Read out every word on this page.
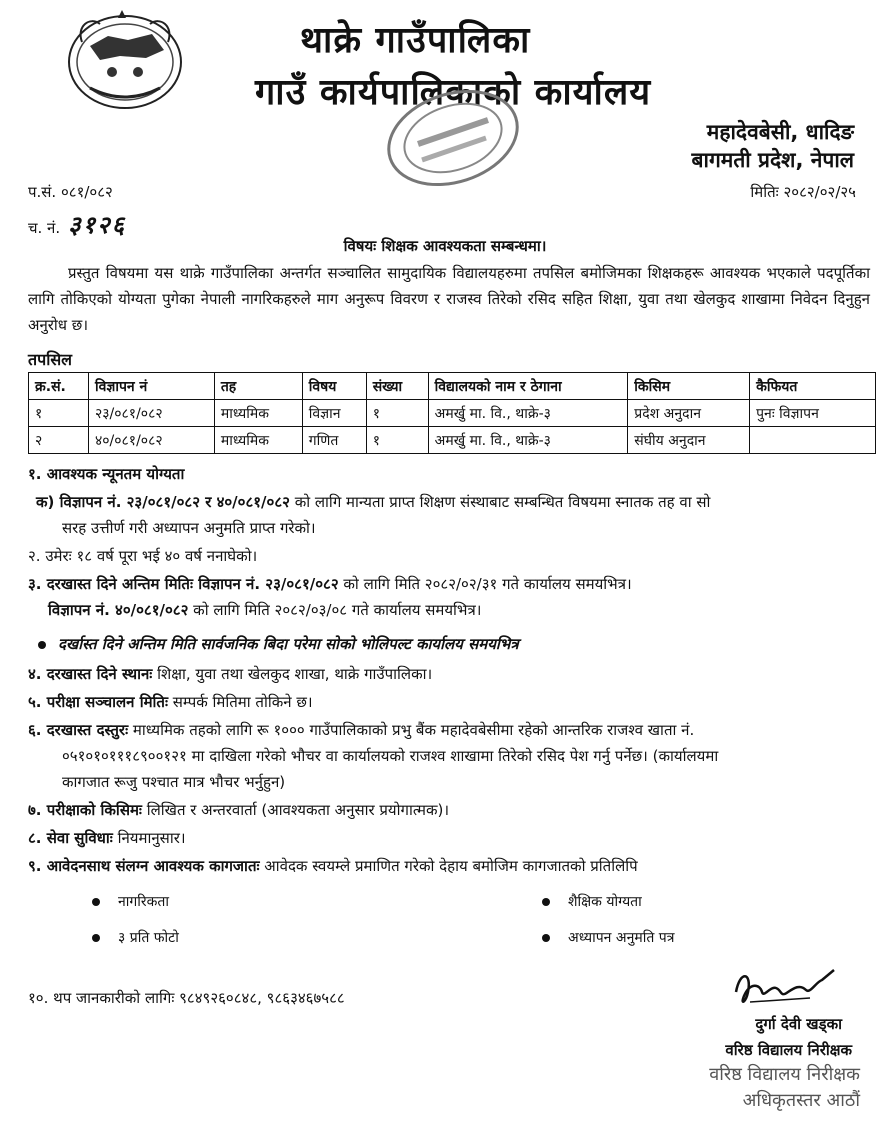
थाक्रे गाउँपालिका
गाउँ कार्यपालिकाको कार्यालय
महादेवबेसी, धादिङ
बागमती प्रदेश, नेपाल
प.सं. ०८१/०८२
च. नं. ३१२६
मितिः २०८२/०२/२५
विषयः शिक्षक आवश्यकता सम्बन्धमा।
प्रस्तुत विषयमा यस थाक्रे गाउँपालिका अन्तर्गत सञ्चालित सामुदायिक विद्यालयहरुमा तपसिल बमोजिमका शिक्षकहरू आवश्यक भएकाले पदपूर्तिका लागि तोकिएको योग्यता पुगेका नेपाली नागरिकहरुले माग अनुरूप विवरण र राजस्व तिरेको रसिद सहित शिक्षा, युवा तथा खेलकुद शाखामा निवेदन दिनुहुन अनुरोध छ।
तपसिल
क्र.सं.	विज्ञापन नं	तह	विषय	संख्या	विद्यालयको नाम र ठेगाना	किसिम	कैफियत
१	२३/०८१/०८२	माध्यमिक	विज्ञान	१	अमर्खु मा. वि., थाक्रे-३	प्रदेश अनुदान	पुनः विज्ञापन
२	४०/०८१/०८२	माध्यमिक	गणित	१	अमर्खु मा. वि., थाक्रे-३	संघीय अनुदान	
१. आवश्यक न्यूनतम योग्यता
क) विज्ञापन नं. २३/०८१/०८२ र ४०/०८१/०८२ को लागि मान्यता प्राप्त शिक्षण संस्थाबाट सम्बन्धित विषयमा स्नातक तह वा सो
सरह उत्तीर्ण गरी अध्यापन अनुमति प्राप्त गरेको।
२. उमेरः १८ वर्ष पूरा भई ४० वर्ष ननाघेको।
३. दरखास्त दिने अन्तिम मितिः विज्ञापन नं. २३/०८१/०८२ को लागि मिति २०८२/०२/३१ गते कार्यालय समयभित्र।
विज्ञापन नं. ४०/०८१/०८२ को लागि मिति २०८२/०३/०८ गते कार्यालय समयभित्र।
दर्खास्त दिने अन्तिम मिति सार्वजनिक बिदा परेमा सोको भोलिपल्ट कार्यालय समयभित्र
४. दरखास्त दिने स्थानः शिक्षा, युवा तथा खेलकुद शाखा, थाक्रे गाउँपालिका।
५. परीक्षा सञ्चालन मितिः सम्पर्क मितिमा तोकिने छ।
६. दरखास्त दस्तुरः माध्यमिक तहको लागि रू १००० गाउँपालिकाको प्रभु बैंक महादेवबेसीमा रहेको आन्तरिक राजश्व खाता नं.
०५१०१०१११८९००१२१ मा दाखिला गरेको भौचर वा कार्यालयको राजश्व शाखामा तिरेको रसिद पेश गर्नु पर्नेछ। (कार्यालयमा
कागजात रूजु पश्चात मात्र भौचर भर्नुहुन)
७. परीक्षाको किसिमः लिखित र अन्तरवार्ता (आवश्यकता अनुसार प्रयोगात्मक)।
८. सेवा सुविधाः नियमानुसार।
९. आवेदनसाथ संलग्न आवश्यक कागजातः आवेदक स्वयम्ले प्रमाणित गरेको देहाय बमोजिम कागजातको प्रतिलिपि
नागरिकता	शैक्षिक योग्यता
३ प्रति फोटो	अध्यापन अनुमति पत्र
१०. थप जानकारीको लागिः ९८४९२६०८४८, ९८६३४६७५८८
दुर्गा देवी खड्का
वरिष्ठ विद्यालय निरीक्षक
वरिष्ठ विद्यालय निरीक्षक
अधिकृतस्तर आठौं
